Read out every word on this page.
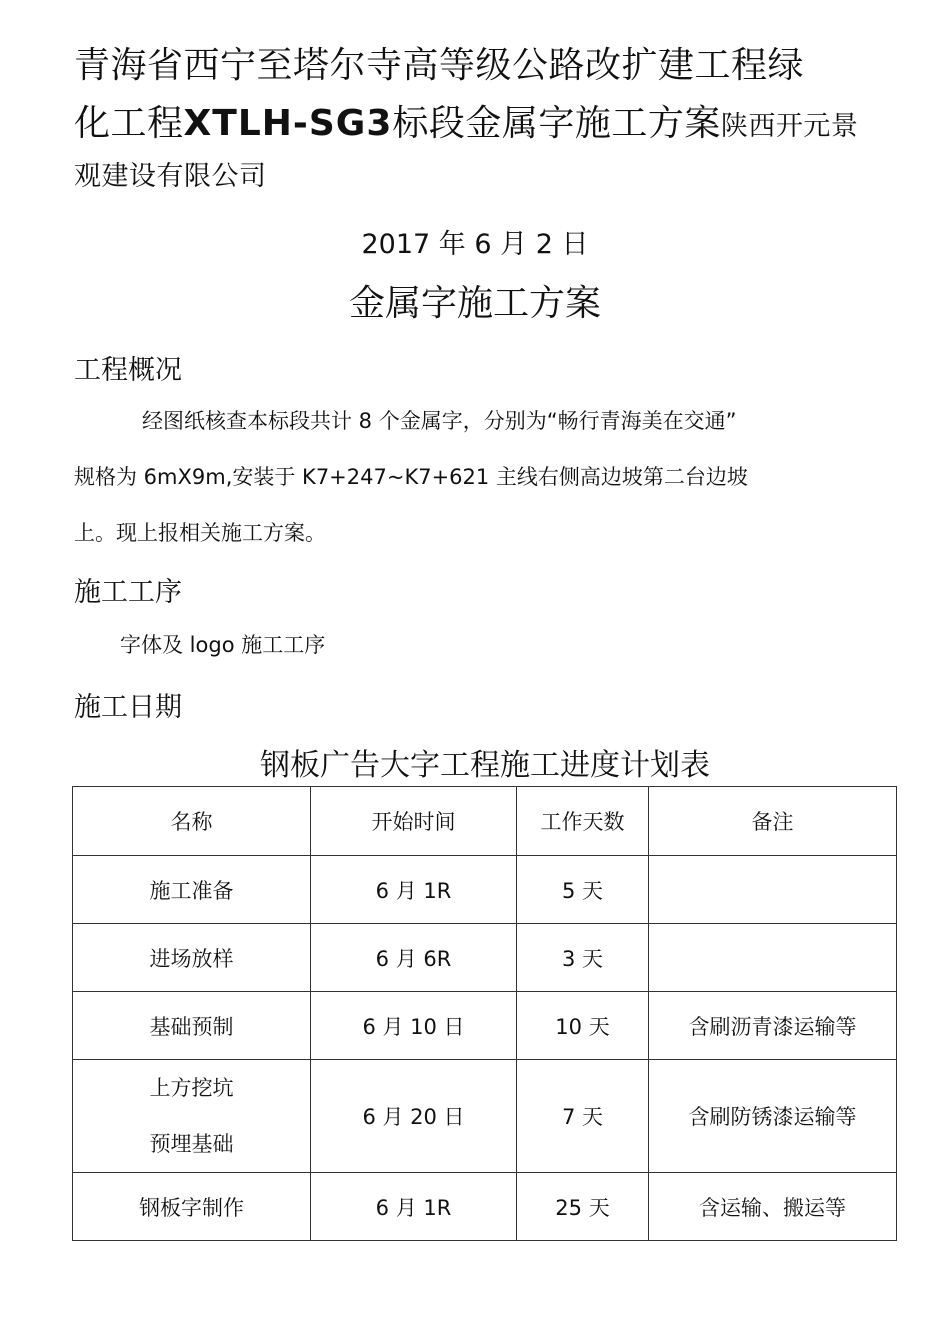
青海省西宁至塔尔寺高等级公路改扩建工程绿
化工程XTLH-SG3标段金属字施工方案陕西开元景
观建设有限公司
2017 年 6 月 2 日
金属字施工方案
工程概况
经图纸核查本标段共计 8 个金属字，分别为“畅行青海美在交通”
规格为 6mX9m,安装于 K7+247~K7+621 主线右侧高边坡第二台边坡
上。现上报相关施工方案。
施工工序
字体及 logo 施工工序
施工日期
钢板广告大字工程施工进度计划表
名称	开始时间	工作天数	备注
施工准备	6 月 1R	5 天	
进场放样	6 月 6R	3 天	
基础预制	6 月 10 日	10 天	含刷沥青漆运输等

上方挖坑
预埋基础	6 月 20 日	7 天	含刷防锈漆运输等
钢板字制作	6 月 1R	25 天	含运输、搬运等
